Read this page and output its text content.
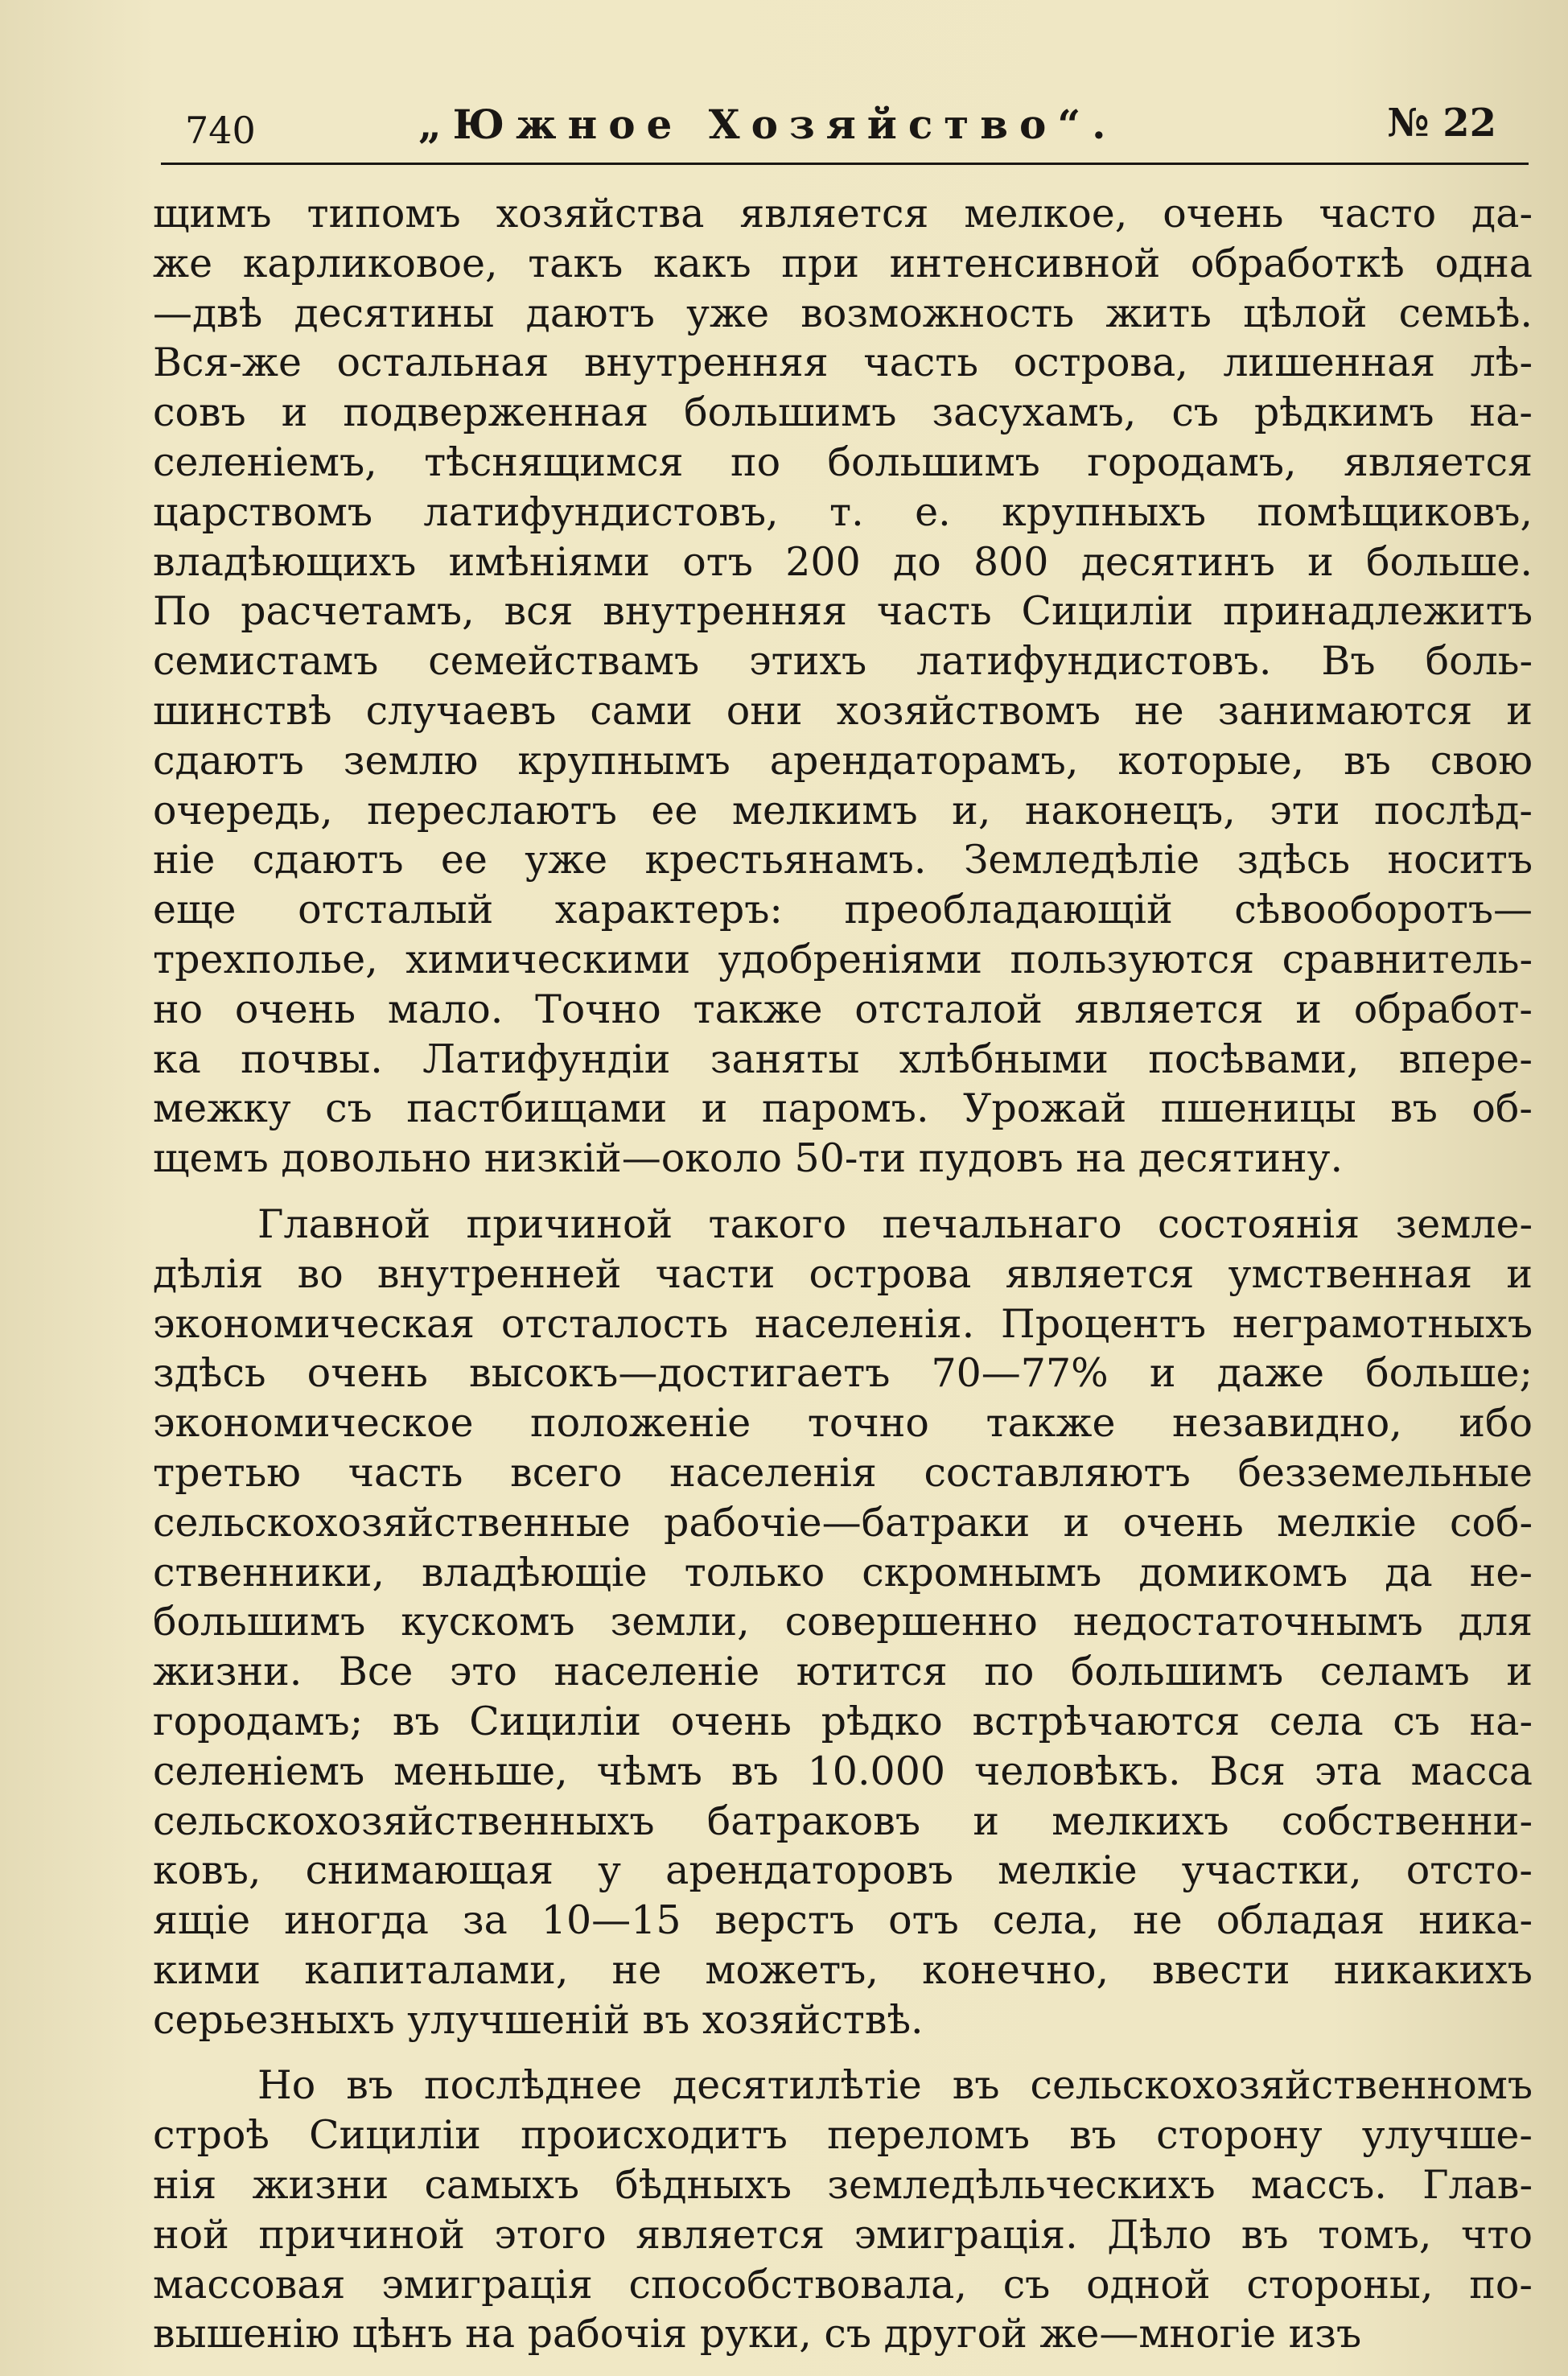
740	„Южное Хозяйство“.	№ 22
щимъ типомъ хозяйства является мелкое, очень часто да-
же карликовое, такъ какъ при интенсивной обработкѣ одна
—двѣ десятины даютъ уже возможность жить цѣлой семьѣ.
Вся-же остальная внутренняя часть острова, лишенная лѣ-
совъ и подверженная большимъ засухамъ, съ рѣдкимъ на-
селенiемъ, тѣснящимся по большимъ городамъ, является
царствомъ латифундистовъ, т. е. крупныхъ помѣщиковъ,
владѣющихъ имѣнiями отъ 200 до 800 десятинъ и больше.
По расчетамъ, вся внутренняя часть Сицилiи принадлежитъ
семистамъ семействамъ этихъ латифундистовъ. Въ боль-
шинствѣ случаевъ сами они хозяйствомъ не занимаются и
сдаютъ землю крупнымъ арендаторамъ, которые, въ свою
очередь, переслаютъ ее мелкимъ и, наконецъ, эти послѣд-
нiе сдаютъ ее уже крестьянамъ. Земледѣлiе здѣсь носитъ
еще отсталый характеръ: преобладающiй сѣвооборотъ—
трехполье, химическими удобренiями пользуются сравнитель-
но очень мало. Точно также отсталой является и обработ-
ка почвы. Латифундiи заняты хлѣбными посѣвами, впере-
межку съ пастбищами и паромъ. Урожай пшеницы въ об-
щемъ довольно низкiй—около 50-ти пудовъ на десятину.
Главной причиной такого печальнаго состоянiя земле-
дѣлiя во внутренней части острова является умственная и
экономическая отсталость населенiя. Процентъ неграмотныхъ
здѣсь очень высокъ—достигаетъ 70—77% и даже больше;
экономическое положенiе точно также незавидно, ибо
третью часть всего населенiя составляютъ безземельные
сельскохозяйственные рабочiе—батраки и очень мелкiе соб-
ственники, владѣющiе только скромнымъ домикомъ да не-
большимъ кускомъ земли, совершенно недостаточнымъ для
жизни. Все это населенiе ютится по большимъ селамъ и
городамъ; въ Сицилiи очень рѣдко встрѣчаются села съ на-
селенiемъ меньше, чѣмъ въ 10.000 человѣкъ. Вся эта масса
сельскохозяйственныхъ батраковъ и мелкихъ собственни-
ковъ, снимающая у арендаторовъ мелкiе участки, отсто-
ящiе иногда за 10—15 верстъ отъ села, не обладая ника-
кими капиталами, не можетъ, конечно, ввести никакихъ
серьезныхъ улучшенiй въ хозяйствѣ.
Но въ послѣднее десятилѣтiе въ сельскохозяйственномъ
строѣ Сицилiи происходитъ переломъ въ сторону улучше-
нiя жизни самыхъ бѣдныхъ земледѣльческихъ массъ. Глав-
ной причиной этого является эмиграцiя. Дѣло въ томъ, что
массовая эмиграцiя способствовала, съ одной стороны, по-
вышенiю цѣнъ на рабочiя руки, съ другой же—многiе изъ
